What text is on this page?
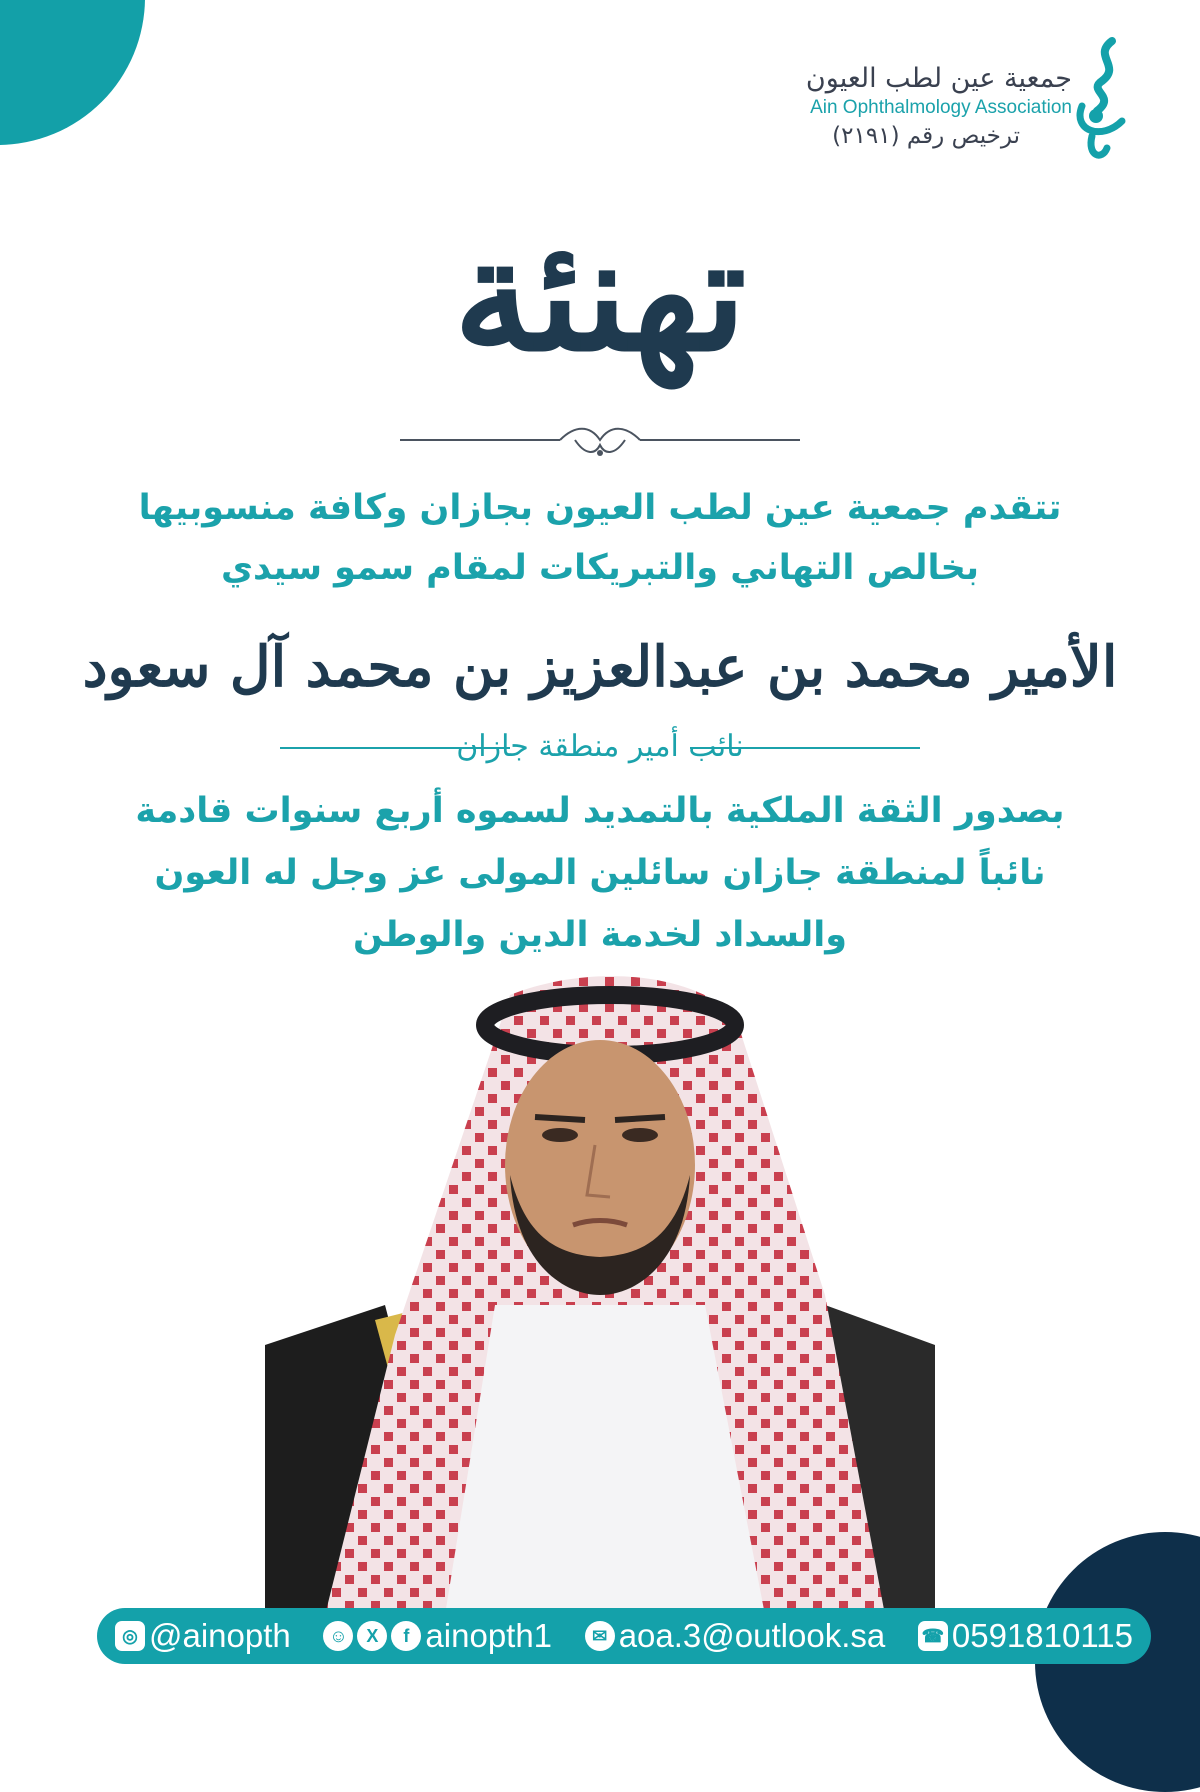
جمعية عين لطب العيون
Ain Ophthalmology Association
ترخيص رقم (٢١٩١)
تهنئة
تتقدم جمعية عين لطب العيون بجازان وكافة منسوبيها
بخالص التهاني والتبريكات لمقام سمو سيدي
الأمير محمد بن عبدالعزيز بن محمد آل سعود
نائب أمير منطقة جازان
بصدور الثقة الملكية بالتمديد لسموه أربع سنوات قادمة
نائباً لمنطقة جازان سائلين المولى عز وجل له العون
والسداد لخدمة الدين والوطن
◎ @ainopth	☺	X	f ainopth1	✉ aoa.3@outlook.sa ☎ 0591810115
